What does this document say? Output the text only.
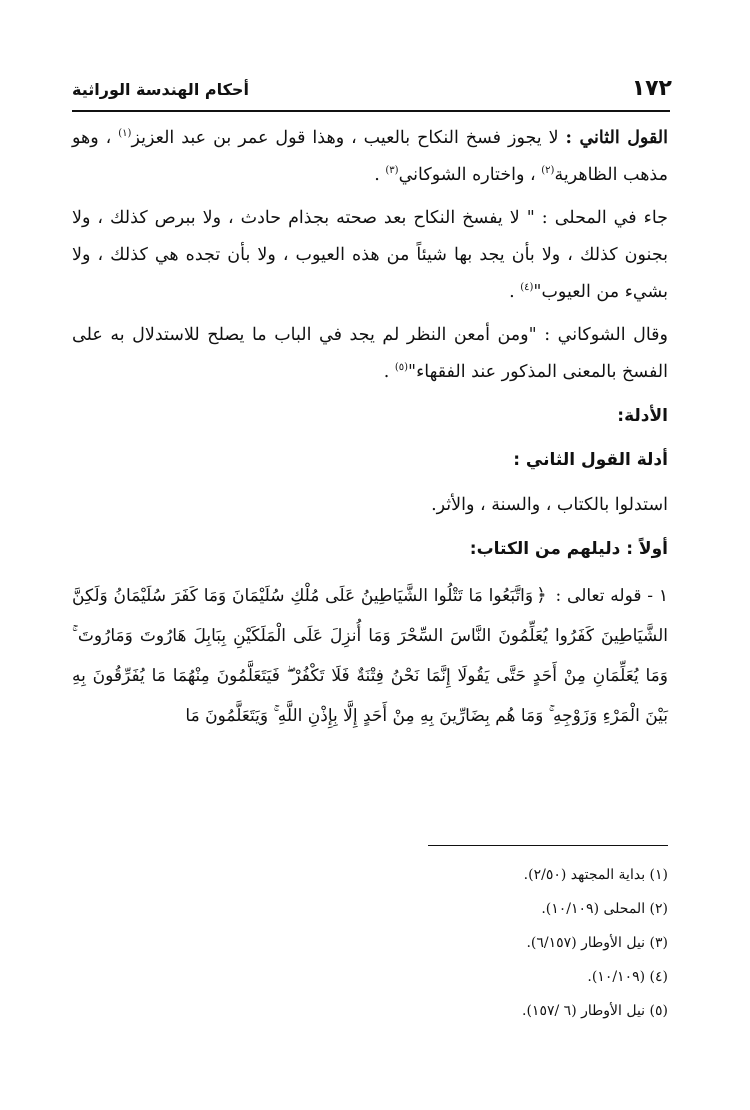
١٧٢
أحكام الهندسة الوراثية

القول الثاني : لا يجوز فسخ النكاح بالعيب ، وهذا قول عمر بن عبد العزيز$^{(١)}$ ، وهو مذهب الظاهرية$^{(٢)}$ ، واختاره الشوكاني$^{(٣)}$ .

جاء في المحلى : " لا يفسخ النكاح بعد صحته بجذام حادث ، ولا ببرص كذلك ، ولا بجنون كذلك ، ولا بأن يجد بها شيئاً من هذه العيوب ، ولا بأن تجده هي كذلك ، ولا بشيء من العيوب"$^{(٤)}$ .

وقال الشوكاني : "ومن أمعن النظر لم يجد في الباب ما يصلح للاستدلال به على الفسخ بالمعنى المذكور عند الفقهاء"$^{(٥)}$ .

الأدلة:
أدلة القول الثاني :

استدلوا بالكتاب ، والسنة ، والأثر.

أولاً : دليلهم من الكتاب:

١ - قوله تعالى : ﴿وَاتَّبَعُوا مَا تَتْلُوا الشَّيَاطِينُ عَلَى مُلْكِ سُلَيْمَانَ وَمَا كَفَرَ سُلَيْمَانُ وَلَكِنَّ الشَّيَاطِينَ كَفَرُوا يُعَلِّمُونَ النَّاسَ السِّحْرَ وَمَا أُنزِلَ عَلَى الْمَلَكَيْنِ بِبَابِلَ هَارُوتَ وَمَارُوتَ ۚ وَمَا يُعَلِّمَانِ مِنْ أَحَدٍ حَتَّى يَقُولَا إِنَّمَا نَحْنُ فِتْنَةٌ فَلَا تَكْفُرْ ۖ فَيَتَعَلَّمُونَ مِنْهُمَا مَا يُفَرِّقُونَ بِهِ بَيْنَ الْمَرْءِ وَزَوْجِهِ ۚ وَمَا هُم بِضَارِّينَ بِهِ مِنْ أَحَدٍ إِلَّا بِإِذْنِ اللَّهِ ۚ وَيَتَعَلَّمُونَ مَا

(١) بداية المجتهد (٢/٥٠).

(٢) المحلى (١٠/١٠٩).

(٣) نيل الأوطار (٦/١٥٧).

(٤) (١٠/١٠٩).

(٥) نيل الأوطار (٦ /١٥٧).
